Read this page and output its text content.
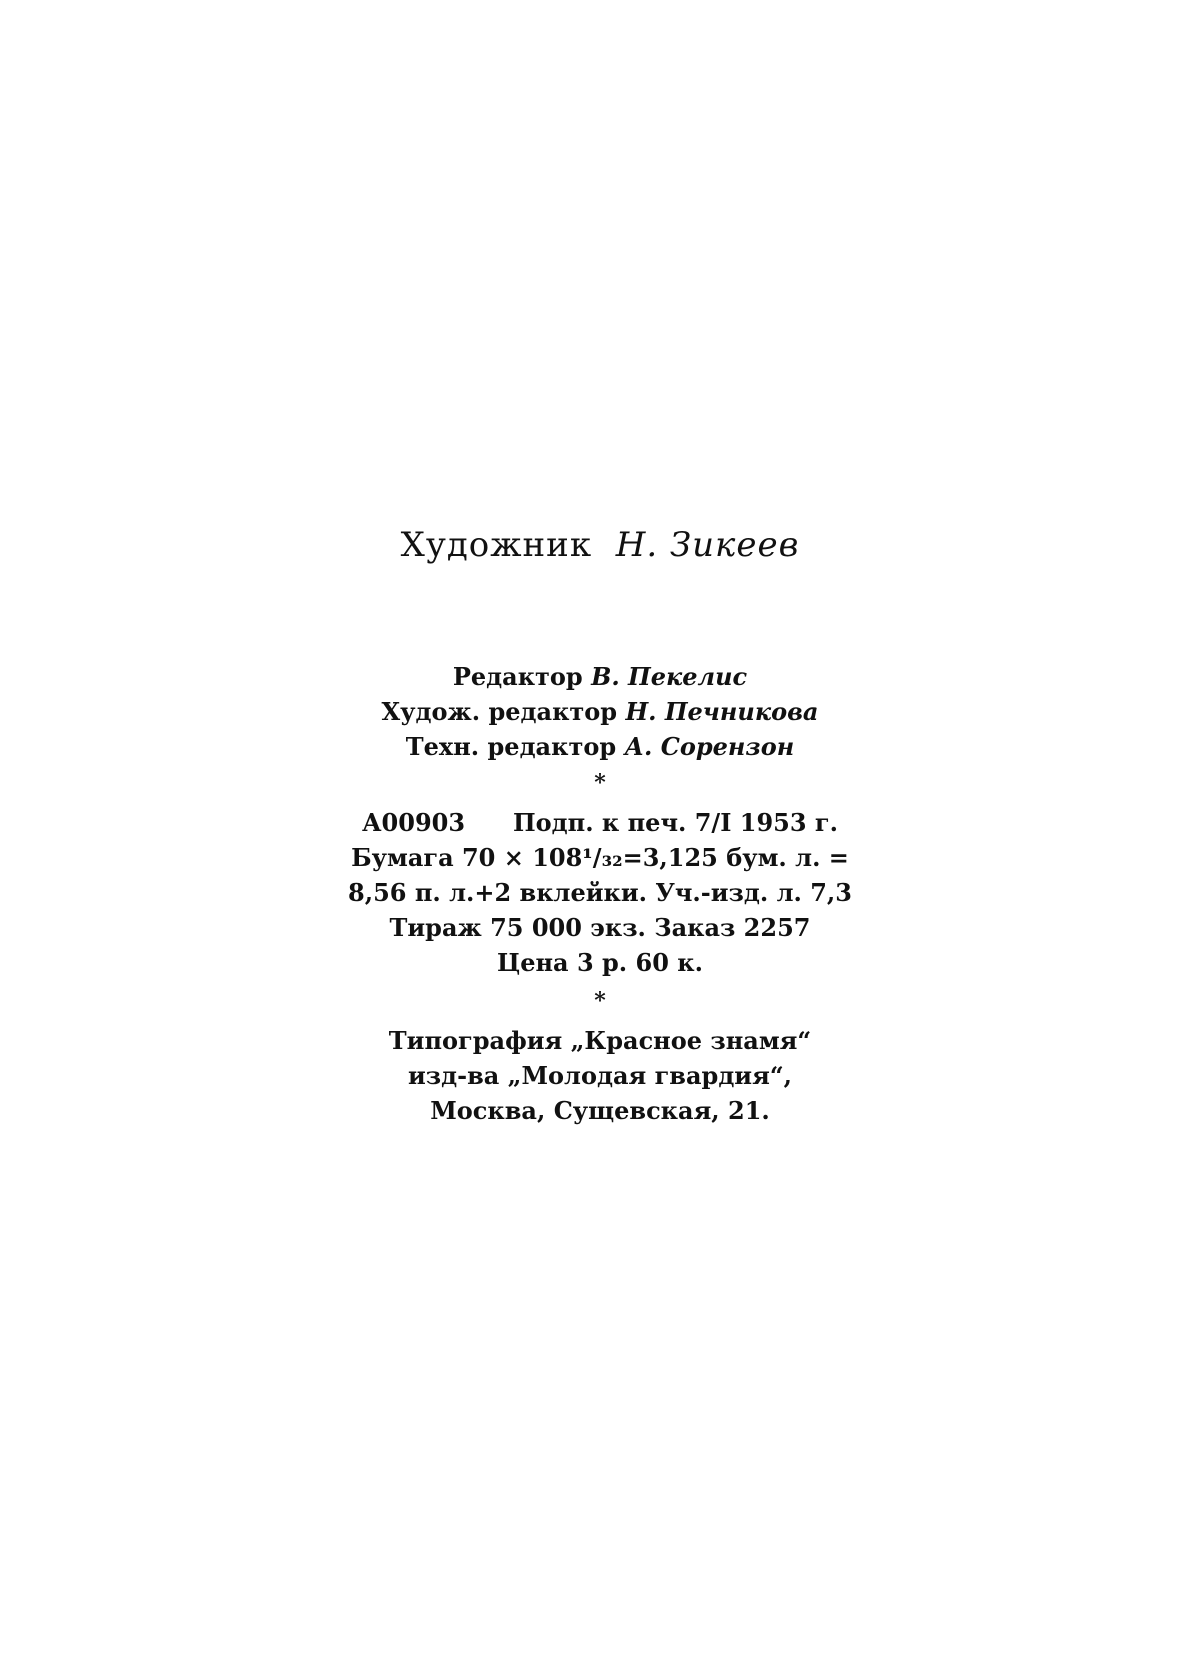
Художник Н. Зикеев
Редактор В. Пекелис
Худож. редактор Н. Печникова
Техн. редактор А. Сорензон
*
А00903 Подп. к печ. 7/I 1953 г.
Бумага 70 × 108¹/₃₂=3,125 бум. л. =
8,56 п. л.+2 вклейки. Уч.-изд. л. 7,3
Тираж 75 000 экз. Заказ 2257
Цена 3 р. 60 к.
*
Типография „Красное знамя“
изд-ва „Молодая гвардия“,
Москва, Сущевская, 21.
